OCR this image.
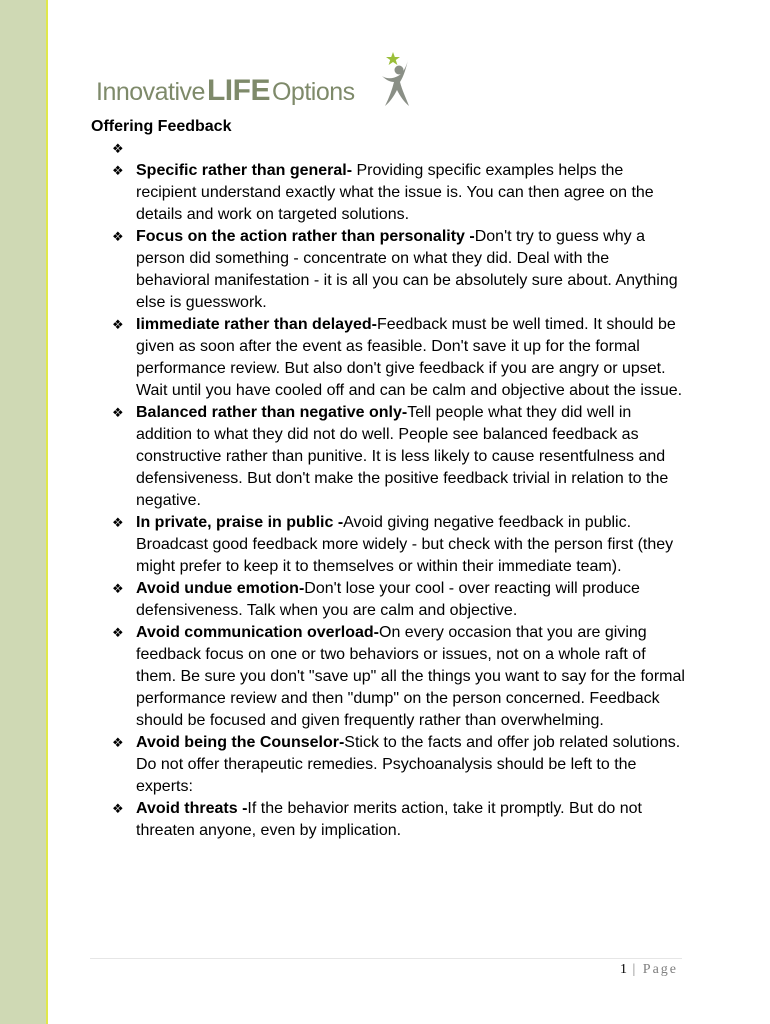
InnovativeLIFEOptions
Offering Feedback
❖
❖ Specific rather than general- Providing specific examples helps the recipient understand exactly what the issue is. You can then agree on the details and work on targeted solutions.
❖ Focus on the action rather than personality -Don't try to guess why a person did something - concentrate on what they did. Deal with the behavioral manifestation - it is all you can be absolutely sure about. Anything else is guesswork.
❖ Iimmediate rather than delayed-Feedback must be well timed. It should be given as soon after the event as feasible. Don't save it up for the formal performance review. But also don't give feedback if you are angry or upset. Wait until you have cooled off and can be calm and objective about the issue.
❖ Balanced rather than negative only-Tell people what they did well in addition to what they did not do well. People see balanced feedback as constructive rather than punitive. It is less likely to cause resentfulness and defensiveness. But don't make the positive feedback trivial in relation to the negative.
❖ In private, praise in public -Avoid giving negative feedback in public. Broadcast good feedback more widely - but check with the person first (they might prefer to keep it to themselves or within their immediate team).
❖ Avoid undue emotion-Don't lose your cool - over reacting will produce defensiveness. Talk when you are calm and objective.
❖ Avoid communication overload-On every occasion that you are giving feedback focus on one or two behaviors or issues, not on a whole raft of them. Be sure you don't "save up" all the things you want to say for the formal performance review and then "dump" on the person concerned. Feedback should be focused and given frequently rather than overwhelming.
❖ Avoid being the Counselor-Stick to the facts and offer job related solutions. Do not offer therapeutic remedies. Psychoanalysis should be left to the experts:
❖ Avoid threats -If the behavior merits action, take it promptly. But do not threaten anyone, even by implication.
1 | Page
